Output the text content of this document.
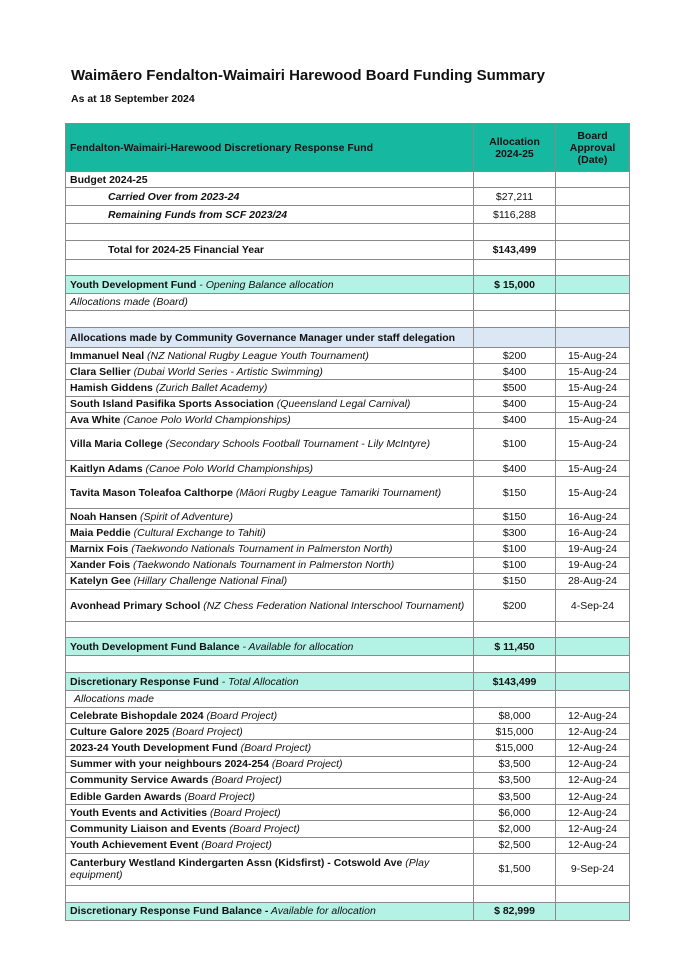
Waimāero Fendalton-Waimairi Harewood Board Funding Summary
As at 18 September 2024
Fendalton-Waimairi-Harewood Discretionary Response Fund	Allocation 2024-25	Board Approval (Date)
Budget 2024-25		
Carried Over from 2023-24	$27,211	
Remaining Funds from SCF 2023/24	$116,288	

Total for 2024-25 Financial Year	$143,499	

Youth Development Fund - Opening Balance allocation	$ 15,000	
Allocations made (Board)		

Allocations made by Community Governance Manager under staff delegation		
Immanuel Neal (NZ National Rugby League Youth Tournament)	$200	15-Aug-24
Clara Sellier (Dubai World Series - Artistic Swimming)	$400	15-Aug-24
Hamish Giddens (Zurich Ballet Academy)	$500	15-Aug-24
South Island Pasifika Sports Association (Queensland Legal Carnival)	$400	15-Aug-24
Ava White (Canoe Polo World Championships)	$400	15-Aug-24
Villa Maria College (Secondary Schools Football Tournament - Lily McIntyre)	$100	15-Aug-24
Kaitlyn Adams (Canoe Polo World Championships)	$400	15-Aug-24
Tavita Mason Toleafoa Calthorpe (Māori Rugby League Tamariki Tournament)	$150	15-Aug-24
Noah Hansen (Spirit of Adventure)	$150	16-Aug-24
Maia Peddie (Cultural Exchange to Tahiti)	$300	16-Aug-24
Marnix Fois (Taekwondo Nationals Tournament in Palmerston North)	$100	19-Aug-24
Xander Fois (Taekwondo Nationals Tournament in Palmerston North)	$100	19-Aug-24
Katelyn Gee (Hillary Challenge National Final)	$150	28-Aug-24
Avonhead Primary School (NZ Chess Federation National Interschool Tournament)	$200	4-Sep-24

Youth Development Fund Balance - Available for allocation	$ 11,450	

Discretionary Response Fund - Total Allocation	$143,499	
Allocations made		
Celebrate Bishopdale 2024 (Board Project)	$8,000	12-Aug-24
Culture Galore 2025 (Board Project)	$15,000	12-Aug-24
2023-24 Youth Development Fund (Board Project)	$15,000	12-Aug-24
Summer with your neighbours 2024-254 (Board Project)	$3,500	12-Aug-24
Community Service Awards (Board Project)	$3,500	12-Aug-24
Edible Garden Awards (Board Project)	$3,500	12-Aug-24
Youth Events and Activities (Board Project)	$6,000	12-Aug-24
Community Liaison and Events (Board Project)	$2,000	12-Aug-24
Youth Achievement Event (Board Project)	$2,500	12-Aug-24
Canterbury Westland Kindergarten Assn (Kidsfirst) - Cotswold Ave (Play equipment)	$1,500	9-Sep-24

Discretionary Response Fund Balance - Available for allocation	$ 82,999	
